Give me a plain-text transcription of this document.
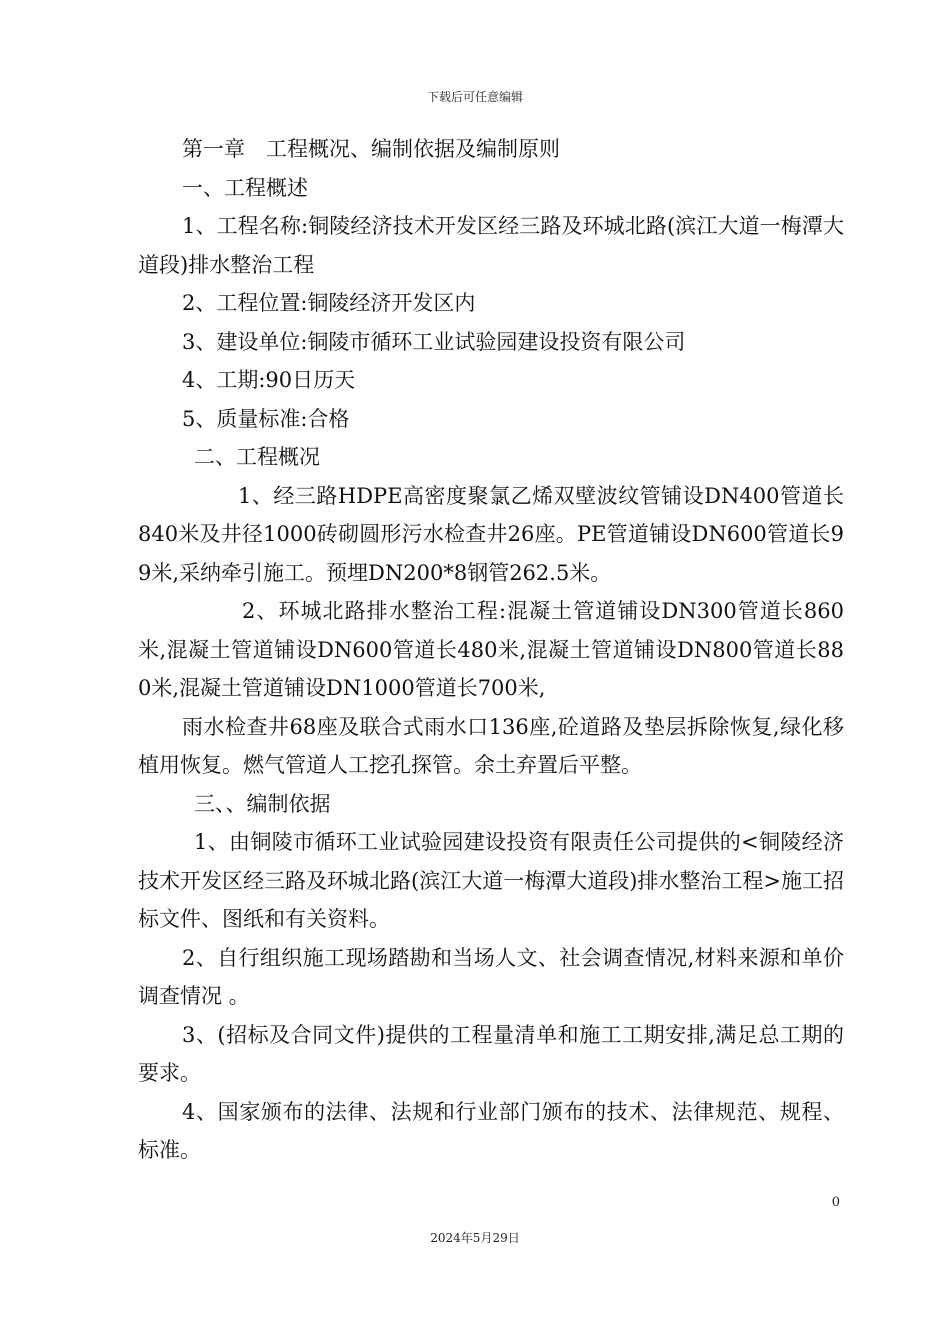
下载后可任意编辑

第一章　工程概况、编制依据及编制原则

一、工程概述

1、工程名称:铜陵经济技术开发区经三路及环城北路(滨江大道一梅潭大道段)排水整治工程

2、工程位置:铜陵经济开发区内

3、建设单位:铜陵市循环工业试验园建设投资有限公司

4、工期:90日历天

5、质量标准:合格

二、工程概况

1、经三路HDPE高密度聚氯乙烯双壁波纹管铺设DN400管道长840米及井径1000砖砌圆形污水检查井26座。PE管道铺设DN600管道长99米,采纳牵引施工。预埋DN200*8钢管262.5米。

2、环城北路排水整治工程:混凝土管道铺设DN300管道长860米,混凝土管道铺设DN600管道长480米,混凝土管道铺设DN800管道长880米,混凝土管道铺设DN1000管道长700米,

雨水检查井68座及联合式雨水口136座,砼道路及垫层拆除恢复,绿化移植用恢复。燃气管道人工挖孔探管。余土弃置后平整。

三、、编制依据

1、由铜陵市循环工业试验园建设投资有限责任公司提供的<铜陵经济技术开发区经三路及环城北路(滨江大道一梅潭大道段)排水整治工程>施工招标文件、图纸和有关资料。

2、自行组织施工现场踏勘和当场人文、社会调查情况,材料来源和单价调查情况 。

3、(招标及合同文件)提供的工程量清单和施工工期安排,满足总工期的要求。

4、国家颁布的法律、法规和行业部门颁布的技术、法律规范、规程、标准。

0
2024年5月29日
